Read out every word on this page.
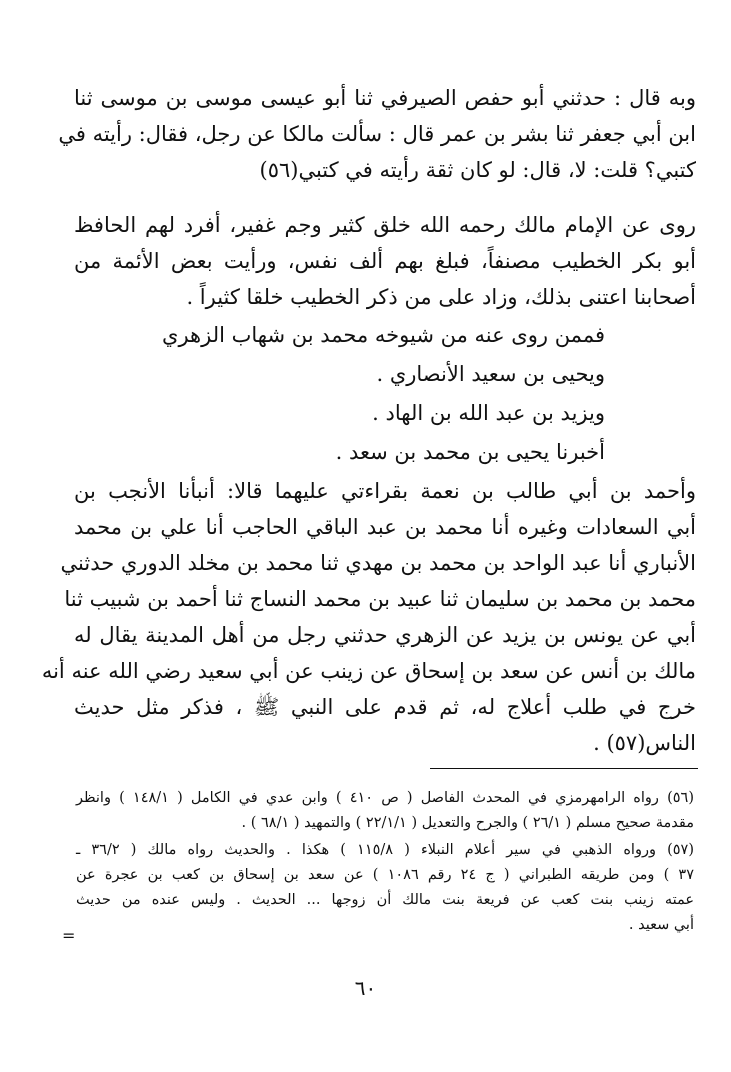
وبه قال : حدثني أبو حفص الصيرفي ثنا أبو عيسى موسى بن موسى ثنا
ابن أبي جعفر ثنا بشر بن عمر قال : سألت مالكا عن رجل، فقال: رأيته في
كتبي؟ قلت: لا، قال: لو كان ثقة رأيته في كتبي(٥٦)

روى عن الإمام مالك رحمه الله خلق كثير وجم غفير، أفرد لهم الحافظ
أبو بكر الخطيب مصنفاً، فبلغ بهم ألف نفس، ورأيت بعض الأئمة من
أصحابنا اعتنى بذلك، وزاد على من ذكر الخطيب خلقا كثيراً .

فممن روى عنه من شيوخه محمد بن شهاب الزهري
ويحيى بن سعيد الأنصاري .
ويزيد بن عبد الله بن الهاد .
أخبرنا يحيى بن محمد بن سعد .

وأحمد بن أبي طالب بن نعمة بقراءتي عليهما قالا: أنبأنا الأنجب بن
أبي السعادات وغيره أنا محمد بن عبد الباقي الحاجب أنا علي بن محمد
الأنباري أنا عبد الواحد بن محمد بن مهدي ثنا محمد بن مخلد الدوري حدثني
محمد بن محمد بن سليمان ثنا عبيد بن محمد النساج ثنا أحمد بن شبيب ثنا
أبي عن يونس بن يزيد عن الزهري حدثني رجل من أهل المدينة يقال له
مالك بن أنس عن سعد بن إسحاق عن زينب عن أبي سعيد رضي الله عنه أنه
خرج في طلب أعلاج له، ثم قدم على النبي ﷺ ، فذكر مثل حديث
الناس(٥٧) .

(٥٦) رواه الرامهرمزي في المحدث الفاصل ( ص ٤١٠ ) وابن عدي في الكامل ( ١٤٨/١ ) وانظر
مقدمة صحيح مسلم ( ٢٦/١ ) والجرح والتعديل ( ٢٢/١/١ ) والتمهيد ( ٦٨/١ ) .

(٥٧) ورواه الذهبي في سير أعلام النبلاء ( ١١٥/٨ ) هكذا . والحديث رواه مالك ( ٣٦/٢ ـ
٣٧ ) ومن طريقه الطبراني ( ج ٢٤ رقم ١٠٨٦ ) عن سعد بن إسحاق بن كعب بن عجرة عن
عمته زينب بنت كعب عن فريعة بنت مالك أن زوجها ... الحديث . وليس عنده من حديث
أبي سعيد .

=
٦٠
